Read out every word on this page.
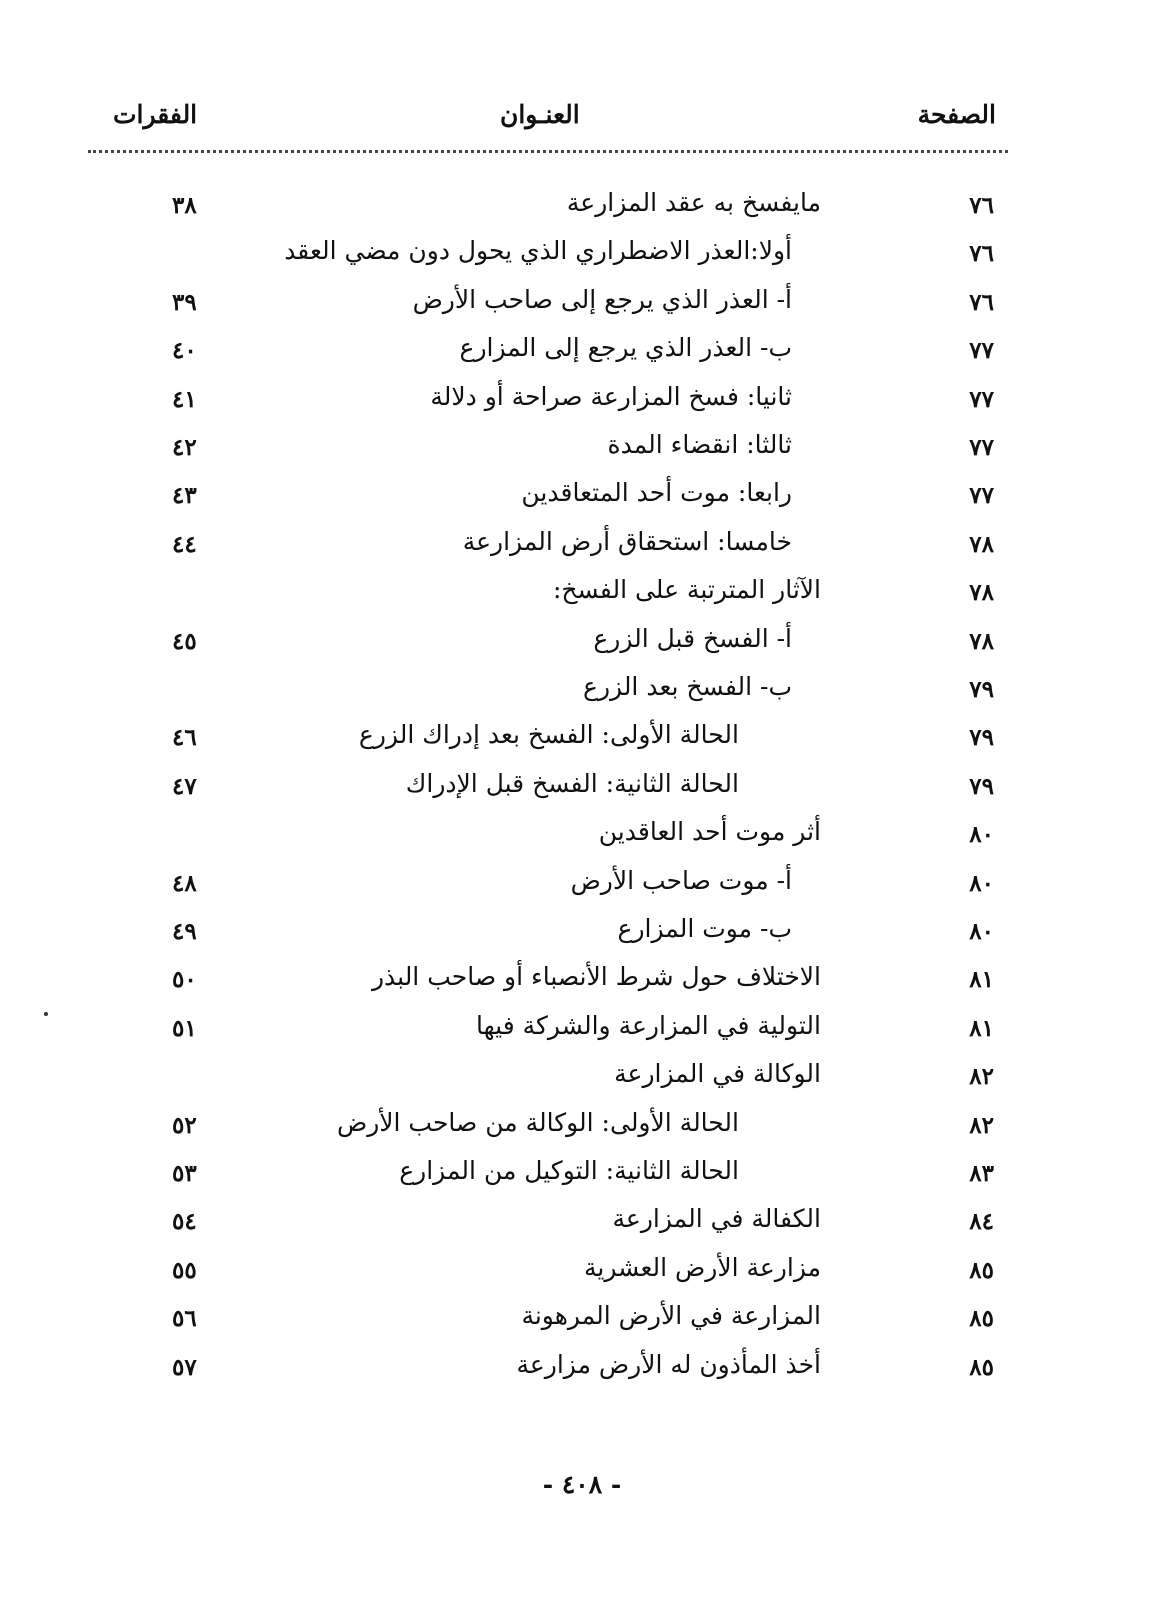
الصفحة
العنـوان
الفقرات
٧٦
مايفسخ به عقد المزارعة
٣٨
٧٦
أولا:العذر الاضطراري الذي يحول دون مضي العقد
٧٦
أ- العذر الذي يرجع إلى صاحب الأرض
٣٩
٧٧
ب- العذر الذي يرجع إلى المزارع
٤٠
٧٧
ثانيا: فسخ المزارعة صراحة أو دلالة
٤١
٧٧
ثالثا: انقضاء المدة
٤٢
٧٧
رابعا: موت أحد المتعاقدين
٤٣
٧٨
خامسا: استحقاق أرض المزارعة
٤٤
٧٨
الآثار المترتبة على الفسخ:
٧٨
أ- الفسخ قبل الزرع
٤٥
٧٩
ب- الفسخ بعد الزرع
٧٩
الحالة الأولى: الفسخ بعد إدراك الزرع
٤٦
٧٩
الحالة الثانية: الفسخ قبل الإدراك
٤٧
٨٠
أثر موت أحد العاقدين
٨٠
أ- موت صاحب الأرض
٤٨
٨٠
ب- موت المزارع
٤٩
٨١
الاختلاف حول شرط الأنصباء أو صاحب البذر
٥٠
٨١
التولية في المزارعة والشركة فيها
٥١
٨٢
الوكالة في المزارعة
٨٢
الحالة الأولى: الوكالة من صاحب الأرض
٥٢
٨٣
الحالة الثانية: التوكيل من المزارع
٥٣
٨٤
الكفالة في المزارعة
٥٤
٨٥
مزارعة الأرض العشرية
٥٥
٨٥
المزارعة في الأرض المرهونة
٥٦
٨٥
أخذ المأذون له الأرض مزارعة
٥٧
- ٤٠٨ -
